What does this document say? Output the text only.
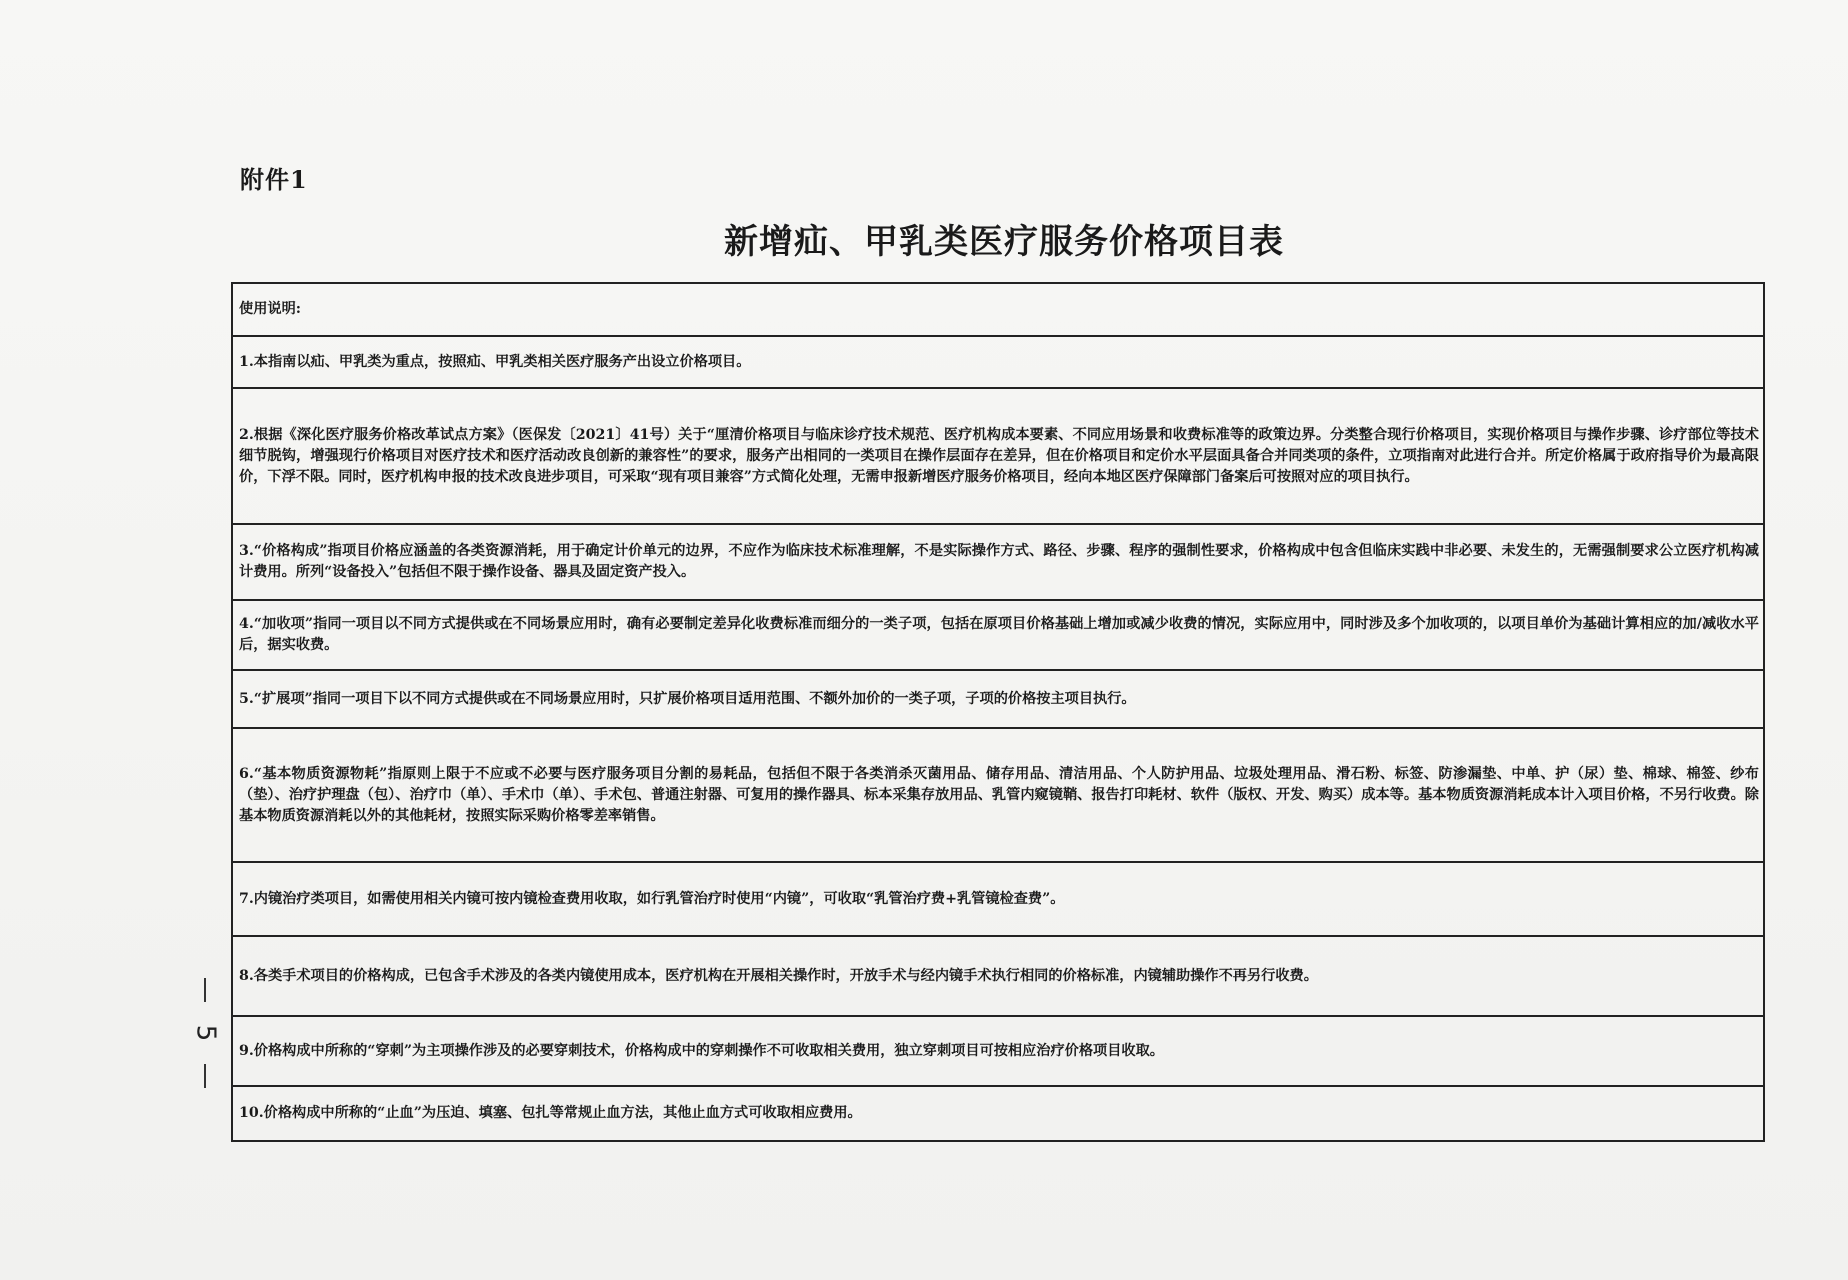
附件1
新增疝、甲乳类医疗服务价格项目表
使用说明:
1.本指南以疝、甲乳类为重点，按照疝、甲乳类相关医疗服务产出设立价格项目。
2.根据《深化医疗服务价格改革试点方案》（医保发〔2021〕41号）关于“厘清价格项目与临床诊疗技术规范、医疗机构成本要素、不同应用场景和收费标准等的政策边界。分类整合现行价格项目，实现价格项目与操作步骤、诊疗部位等技术细节脱钩，增强现行价格项目对医疗技术和医疗活动改良创新的兼容性”的要求，服务产出相同的一类项目在操作层面存在差异，但在价格项目和定价水平层面具备合并同类项的条件，立项指南对此进行合并。所定价格属于政府指导价为最高限价，下浮不限。同时，医疗机构申报的技术改良进步项目，可采取“现有项目兼容”方式简化处理，无需申报新增医疗服务价格项目，经向本地区医疗保障部门备案后可按照对应的项目执行。
3.“价格构成”指项目价格应涵盖的各类资源消耗，用于确定计价单元的边界，不应作为临床技术标准理解，不是实际操作方式、路径、步骤、程序的强制性要求，价格构成中包含但临床实践中非必要、未发生的，无需强制要求公立医疗机构减计费用。所列“设备投入”包括但不限于操作设备、器具及固定资产投入。
4.“加收项”指同一项目以不同方式提供或在不同场景应用时，确有必要制定差异化收费标准而细分的一类子项，包括在原项目价格基础上增加或减少收费的情况，实际应用中，同时涉及多个加收项的，以项目单价为基础计算相应的加/减收水平后，据实收费。
5.“扩展项”指同一项目下以不同方式提供或在不同场景应用时，只扩展价格项目适用范围、不额外加价的一类子项，子项的价格按主项目执行。
6.“基本物质资源物耗”指原则上限于不应或不必要与医疗服务项目分割的易耗品，包括但不限于各类消杀灭菌用品、储存用品、清洁用品、个人防护用品、垃圾处理用品、滑石粉、标签、防渗漏垫、中单、护（尿）垫、棉球、棉签、纱布（垫）、治疗护理盘（包）、治疗巾（单）、手术巾（单）、手术包、普通注射器、可复用的操作器具、标本采集存放用品、乳管内窥镜鞘、报告打印耗材、软件（版权、开发、购买）成本等。基本物质资源消耗成本计入项目价格，不另行收费。除基本物质资源消耗以外的其他耗材，按照实际采购价格零差率销售。
7.内镜治疗类项目，如需使用相关内镜可按内镜检查费用收取，如行乳管治疗时使用“内镜”，可收取“乳管治疗费+乳管镜检查费”。
8.各类手术项目的价格构成，已包含手术涉及的各类内镜使用成本，医疗机构在开展相关操作时，开放手术与经内镜手术执行相同的价格标准，内镜辅助操作不再另行收费。
9.价格构成中所称的“穿刺”为主项操作涉及的必要穿刺技术，价格构成中的穿刺操作不可收取相关费用，独立穿刺项目可按相应治疗价格项目收取。
10.价格构成中所称的“止血”为压迫、填塞、包扎等常规止血方法，其他止血方式可收取相应费用。
5
